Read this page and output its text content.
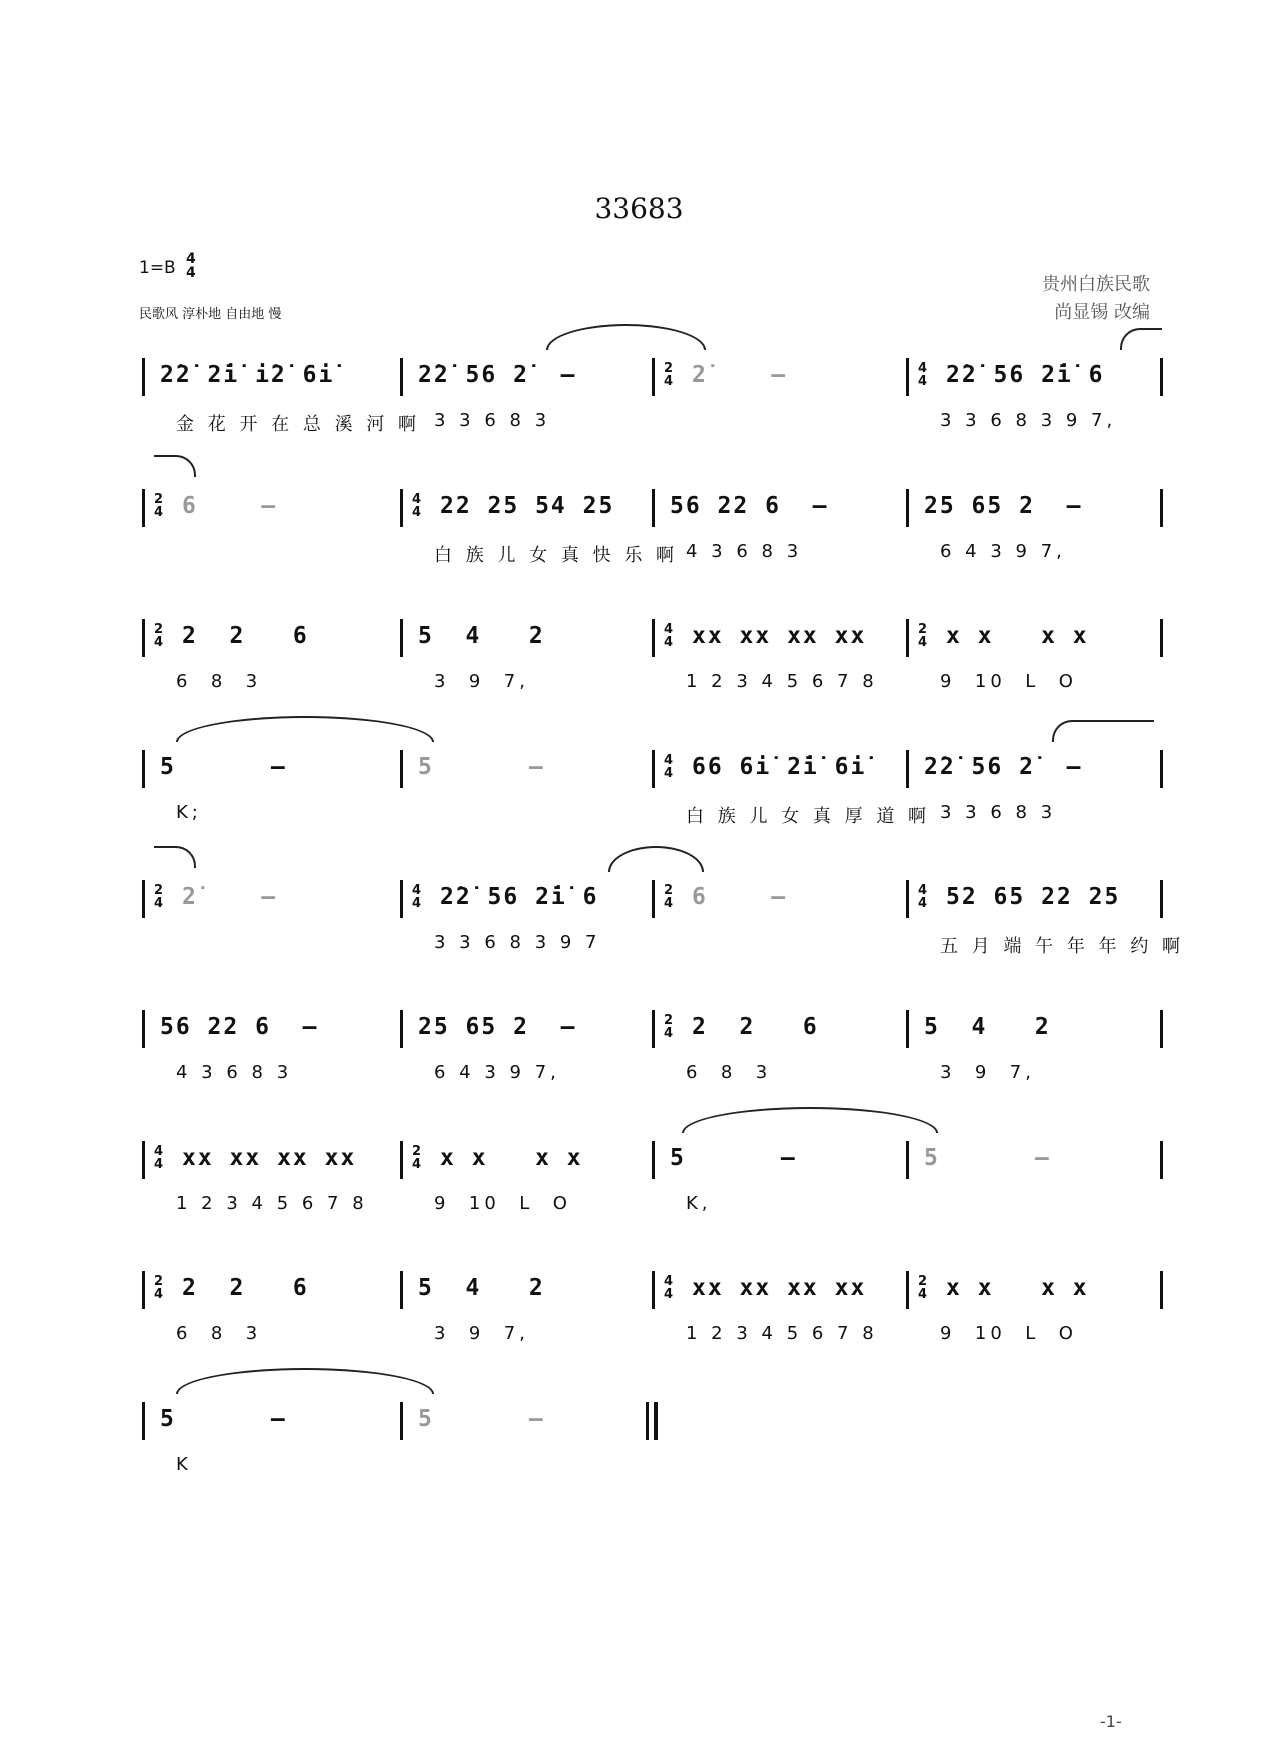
33683
1=B 4
4
民歌风 淳朴地 自由地 慢
贵州白族民歌
尚显锡 改编
2̇2̇ 2̇i̇ i̇2̇ 6i̇
金 花 开 在 总 溪 河 啊
2̇2̇ 56 2̇  –
3 3 6 8 3
2
4 2̇    –	4
4 2̇2̇ 56 2̇i̇ 6
3 3 6 8 3 9 7,
2
4 6    –	4
4 22 25 54 25
白 族 儿 女 真 快 乐 啊
56 22 6  –
4 3 6 8 3
25 65 2  –
6 4 3 9 7,
2
4 2  2   6
6  8  3
5  4   2
3  9  7,
4
4 xx xx xx xx
1 2 3 4 5 6 7 8
2
4 x x   x x
9  10  L  O
5      –
K;
5      –	4
4 66 6i̇ 2̇i̇ 6i̇
白 族 儿 女 真 厚 道 啊
2̇2̇ 56 2̇  –
3 3 6 8 3
2
4 2̇    –	4
4 2̇2̇ 56 2̇i̇ 6
3 3 6 8 3 9 7
2
4 6    –	4
4 52 65 22 25
五 月 端 午 年 年 约 啊
56 22 6  –
4 3 6 8 3
25 65 2  –
6 4 3 9 7,
2
4 2  2   6
6  8  3
5  4   2
3  9  7,
4
4 xx xx xx xx
1 2 3 4 5 6 7 8
2
4 x x   x x
9  10  L  O
5      –
K,
5      –
2
4 2  2   6
6  8  3
5  4   2
3  9  7,
4
4 xx xx xx xx
1 2 3 4 5 6 7 8
2
4 x x   x x
9  10  L  O
5      –
K
5      –
-1-
